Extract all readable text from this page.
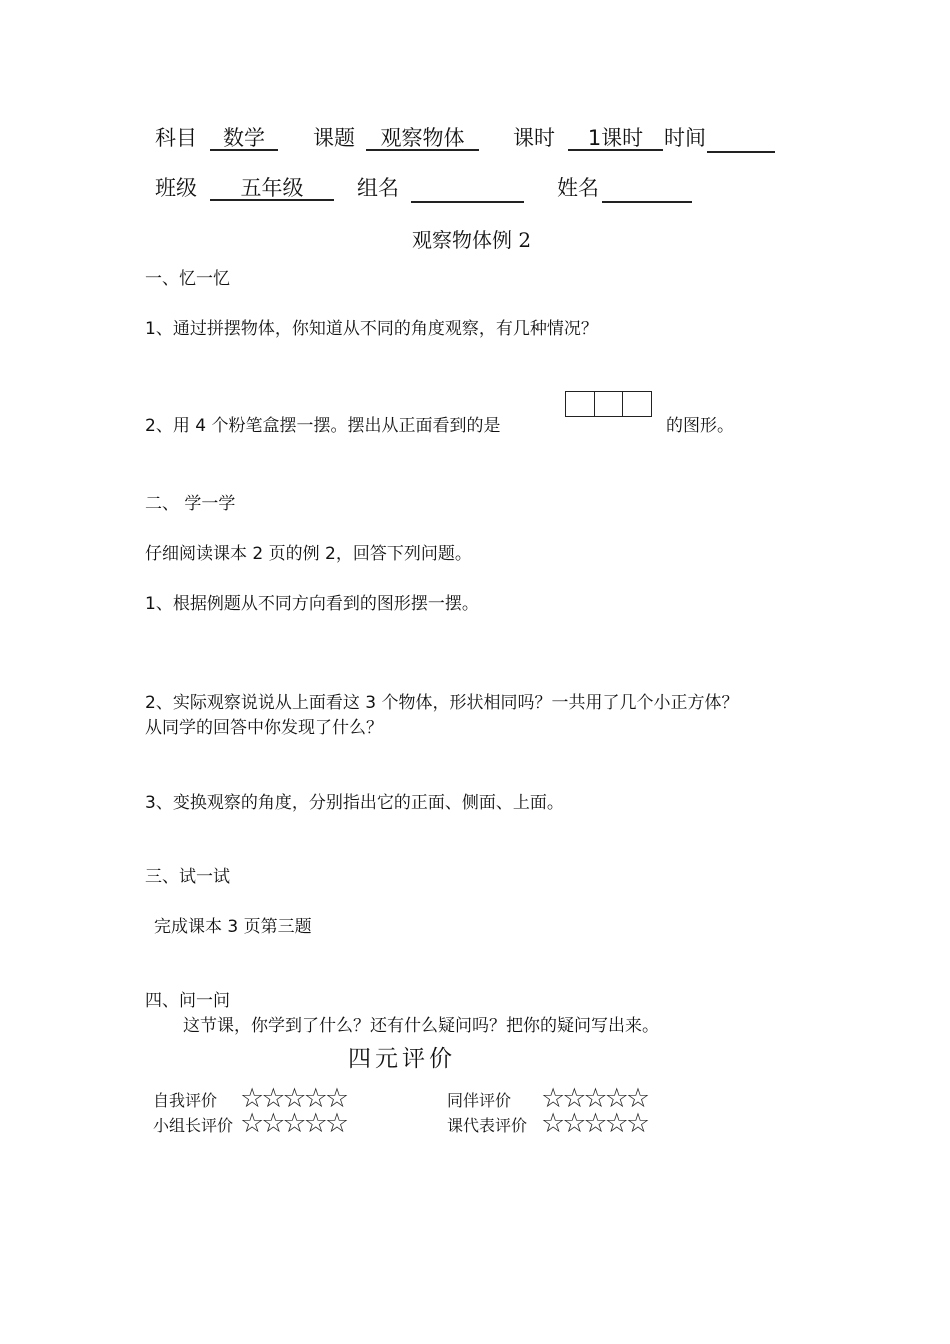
科目	数学	课题	观察物体	课时	1课时 时间
班级	五年级	组名	姓名
观察物体例 2
一、忆一忆
1、通过拼摆物体，你知道从不同的角度观察，有几种情况？
2、用 4 个粉笔盒摆一摆。摆出从正面看到的是	的图形。
二、 学一学
仔细阅读课本 2 页的例 2，回答下列问题。
1、根据例题从不同方向看到的图形摆一摆。
2、实际观察说说从上面看这 3 个物体，形状相同吗？一共用了几个小正方体？
从同学的回答中你发现了什么？
3、变换观察的角度，分别指出它的正面、侧面、上面。
三、试一试
完成课本 3 页第三题
四、问一问
这节课，你学到了什么？还有什么疑问吗？把你的疑问写出来。
四元评价
自我评价 ☆☆☆☆☆	同伴评价 ☆☆☆☆☆
小组长评价 ☆☆☆☆☆	课代表评价 ☆☆☆☆☆
